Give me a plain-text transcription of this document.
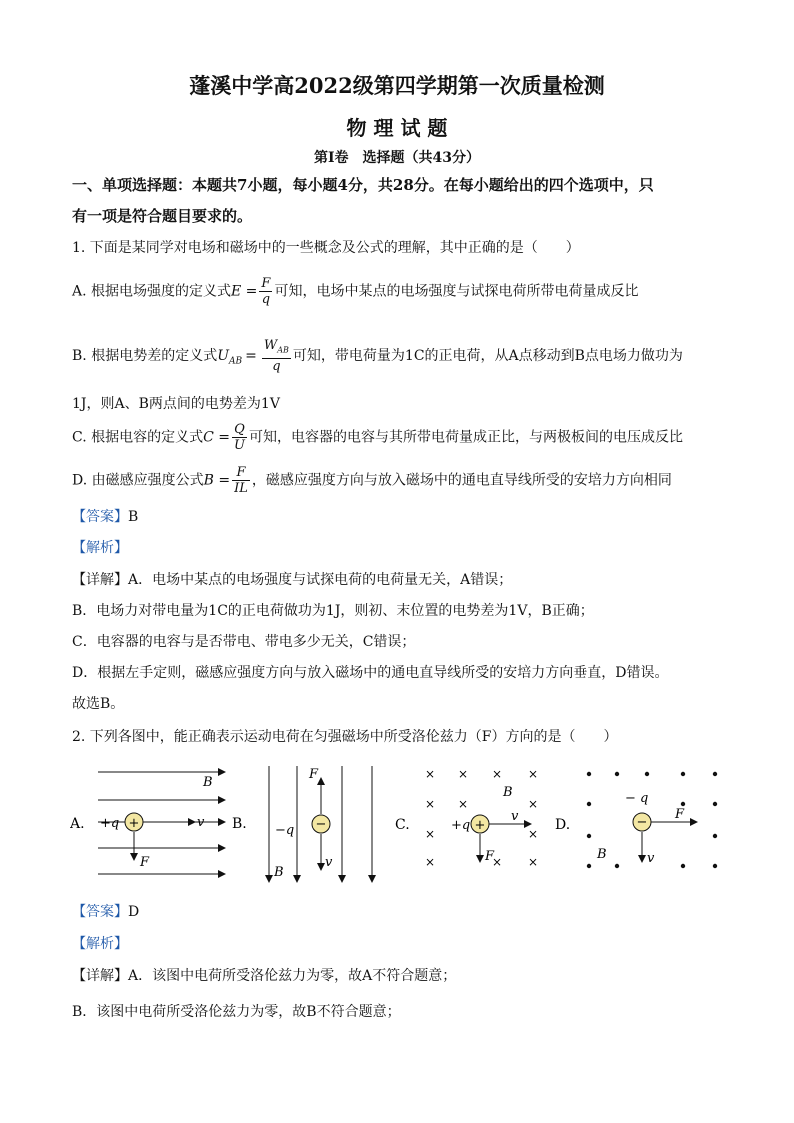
蓬溪中学高2022级第四学期第一次质量检测
物 理 试 题
第I卷　选择题（共43分）
一、单项选择题：本题共7小题，每小题4分，共28分。在每小题给出的四个选项中，只
有一项是符合题目要求的。
1. 下面是某同学对电场和磁场中的一些概念及公式的理解，其中正确的是（　　）
A. 根据电场强度的定义式$E = \frac{F}{q}$ 可知，电场中某点的电场强度与试探电荷所带电荷量成反比
B. 根据电势差的定义式$U_{AB} = \frac{W_{AB}}{q}$ 可知，带电荷量为1C的正电荷，从A点移动到B点电场力做功为
1J，则A、B两点间的电势差为1V
C. 根据电容的定义式$C = \frac{Q}{U}$ 可知，电容器的电容与其所带电荷量成正比，与两极板间的电压成反比
D. 由磁感应强度公式$B = \frac{F}{IL}$ ，磁感应强度方向与放入磁场中的通电直导线所受的安培力方向相同
【答案】B
【解析】
【详解】A．电场中某点的电场强度与试探电荷的电荷量无关，A错误；
B．电场力对带电量为1C的正电荷做功为1J，则初、末位置的电势差为1V，B正确；
C．电容器的电容与是否带电、带电多少无关，C错误；
D．根据左手定则，磁感应强度方向与放入磁场中的通电直导线所受的安培力方向垂直，D错误。
故选B。
2. 下列各图中，能正确表示运动电荷在匀强磁场中所受洛伦兹力（F）方向的是（　　）
+
A. +q	v
F
B
−
B. −q
F
v
B
× × × ×
× ×	×
×	×
×	× ×
+
C.	+q
v
F
B
−
D.
− q
F
v
B
【答案】D
【解析】
【详解】A．该图中电荷所受洛伦兹力为零，故A不符合题意；
B．该图中电荷所受洛伦兹力为零，故B不符合题意；
